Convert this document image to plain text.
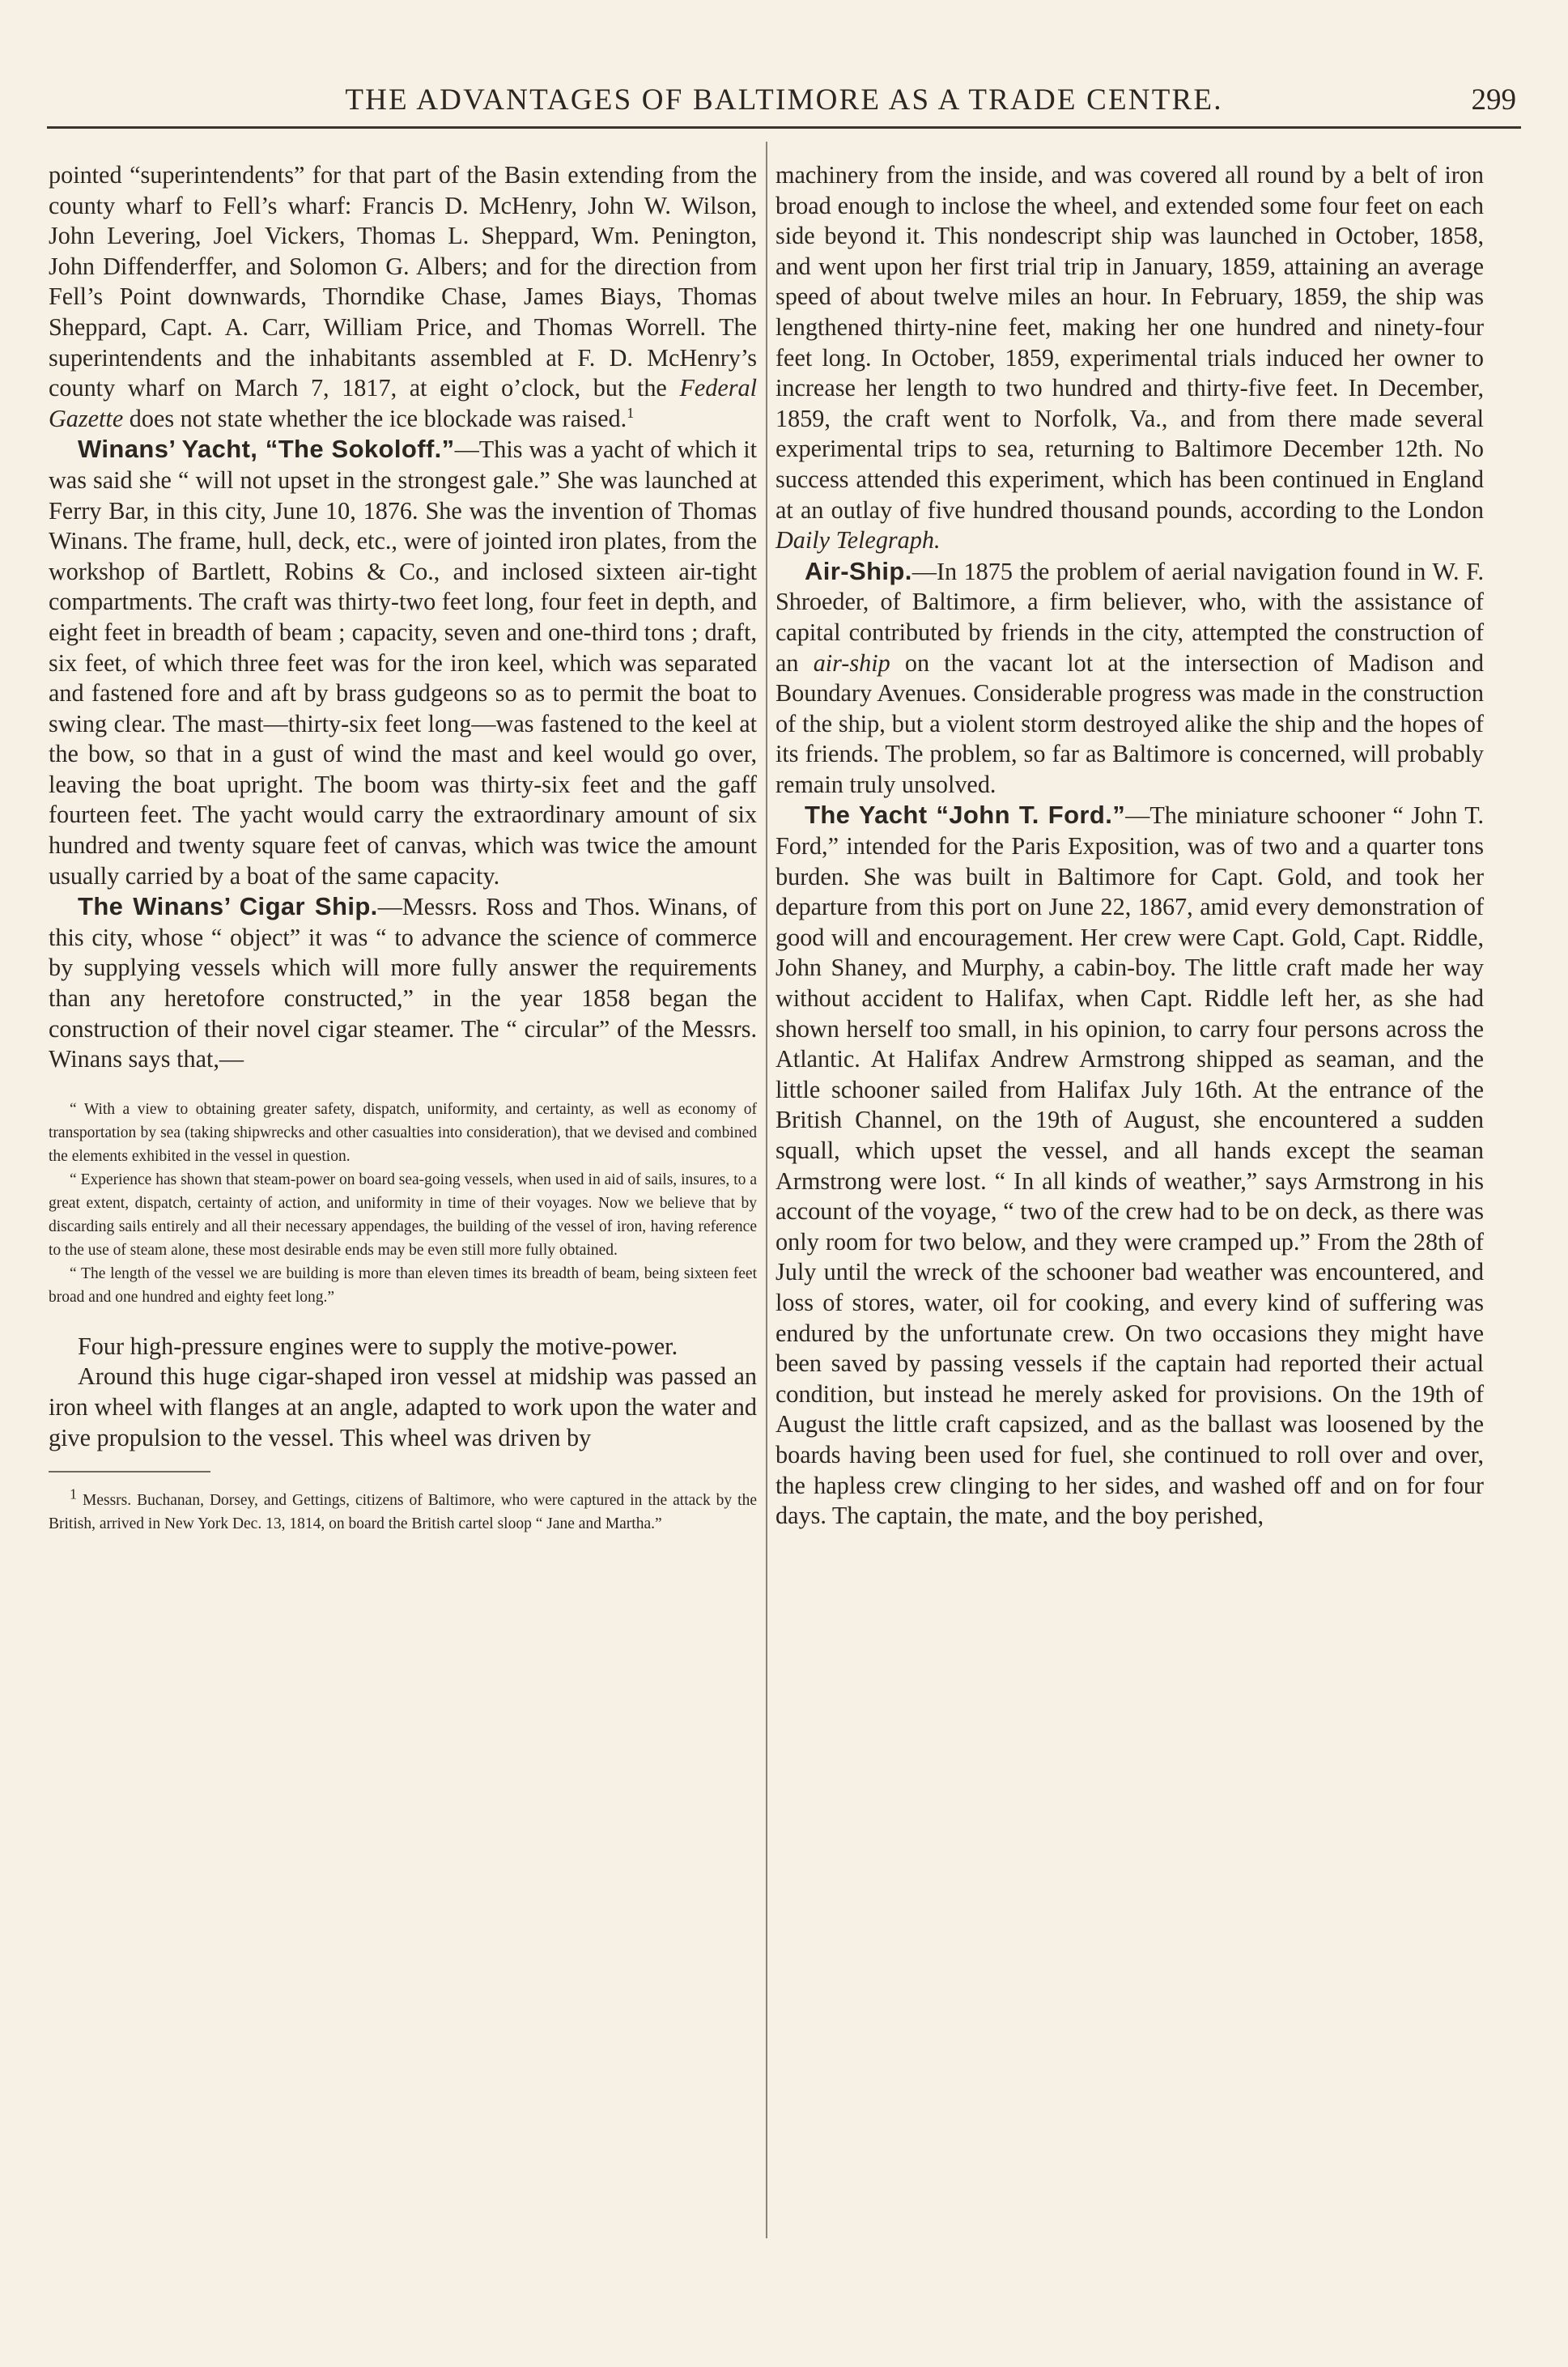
THE ADVANTAGES OF BALTIMORE AS A TRADE CENTRE.	299

pointed “superintendents” for that part of the Basin extending from the county wharf to Fell’s wharf: Francis D. McHenry, John W. Wilson, John Levering, Joel Vickers, Thomas L. Sheppard, Wm. Penington, John Diffenderffer, and Solomon G. Albers; and for the direction from Fell’s Point downwards, Thorndike Chase, James Biays, Thomas Sheppard, Capt. A. Carr, William Price, and Thomas Worrell. The superintendents and the inhabitants assembled at F. D. McHenry’s county wharf on March 7, 1817, at eight o’clock, but the Federal Gazette does not state whether the ice blockade was raised.$^1$

Winans’ Yacht, “The Sokoloff.”—This was a yacht of which it was said she “ will not upset in the strongest gale.” She was launched at Ferry Bar, in this city, June 10, 1876. She was the invention of Thomas Winans. The frame, hull, deck, etc., were of jointed iron plates, from the workshop of Bartlett, Robins & Co., and inclosed sixteen air-tight compartments. The craft was thirty-two feet long, four feet in depth, and eight feet in breadth of beam ; capacity, seven and one-third tons ; draft, six feet, of which three feet was for the iron keel, which was separated and fastened fore and aft by brass gudgeons so as to permit the boat to swing clear. The mast—thirty-six feet long—was fastened to the keel at the bow, so that in a gust of wind the mast and keel would go over, leaving the boat upright. The boom was thirty-six feet and the gaff fourteen feet. The yacht would carry the extraordinary amount of six hundred and twenty square feet of canvas, which was twice the amount usually carried by a boat of the same capacity.

The Winans’ Cigar Ship.—Messrs. Ross and Thos. Winans, of this city, whose “ object” it was “ to advance the science of commerce by supplying vessels which will more fully answer the requirements than any heretofore constructed,” in the year 1858 began the construction of their novel cigar steamer. The “ circular” of the Messrs. Winans says that,—

“ With a view to obtaining greater safety, dispatch, uniformity, and certainty, as well as economy of transportation by sea (taking shipwrecks and other casualties into consideration), that we devised and combined the elements exhibited in the vessel in question.

“ Experience has shown that steam-power on board sea-going vessels, when used in aid of sails, insures, to a great extent, dispatch, certainty of action, and uniformity in time of their voyages. Now we believe that by discarding sails entirely and all their necessary appendages, the building of the vessel of iron, having reference to the use of steam alone, these most desirable ends may be even still more fully obtained.

“ The length of the vessel we are building is more than eleven times its breadth of beam, being sixteen feet broad and one hundred and eighty feet long.”

Four high-pressure engines were to supply the motive-power.

Around this huge cigar-shaped iron vessel at midship was passed an iron wheel with flanges at an angle, adapted to work upon the water and give propulsion to the vessel. This wheel was driven by

$^1$ Messrs. Buchanan, Dorsey, and Gettings, citizens of Baltimore, who were captured in the attack by the British, arrived in New York Dec. 13, 1814, on board the British cartel sloop “ Jane and Martha.”

machinery from the inside, and was covered all round by a belt of iron broad enough to inclose the wheel, and extended some four feet on each side beyond it. This nondescript ship was launched in October, 1858, and went upon her first trial trip in January, 1859, attaining an average speed of about twelve miles an hour. In February, 1859, the ship was lengthened thirty-nine feet, making her one hundred and ninety-four feet long. In October, 1859, experimental trials induced her owner to increase her length to two hundred and thirty-five feet. In December, 1859, the craft went to Norfolk, Va., and from there made several experimental trips to sea, returning to Baltimore December 12th. No success attended this experiment, which has been continued in England at an outlay of five hundred thousand pounds, according to the London Daily Telegraph.

Air-Ship.—In 1875 the problem of aerial navigation found in W. F. Shroeder, of Baltimore, a firm believer, who, with the assistance of capital contributed by friends in the city, attempted the construction of an air-ship on the vacant lot at the intersection of Madison and Boundary Avenues. Considerable progress was made in the construction of the ship, but a violent storm destroyed alike the ship and the hopes of its friends. The problem, so far as Baltimore is concerned, will probably remain truly unsolved.

The Yacht “John T. Ford.”—The miniature schooner “ John T. Ford,” intended for the Paris Exposition, was of two and a quarter tons burden. She was built in Baltimore for Capt. Gold, and took her departure from this port on June 22, 1867, amid every demonstration of good will and encouragement. Her crew were Capt. Gold, Capt. Riddle, John Shaney, and Murphy, a cabin-boy. The little craft made her way without accident to Halifax, when Capt. Riddle left her, as she had shown herself too small, in his opinion, to carry four persons across the Atlantic. At Halifax Andrew Armstrong shipped as seaman, and the little schooner sailed from Halifax July 16th. At the entrance of the British Channel, on the 19th of August, she encountered a sudden squall, which upset the vessel, and all hands except the seaman Armstrong were lost. “ In all kinds of weather,” says Armstrong in his account of the voyage, “ two of the crew had to be on deck, as there was only room for two below, and they were cramped up.” From the 28th of July until the wreck of the schooner bad weather was encountered, and loss of stores, water, oil for cooking, and every kind of suffering was endured by the unfortunate crew. On two occasions they might have been saved by passing vessels if the captain had reported their actual condition, but instead he merely asked for provisions. On the 19th of August the little craft capsized, and as the ballast was loosened by the boards having been used for fuel, she continued to roll over and over, the hapless crew clinging to her sides, and washed off and on for four days. The captain, the mate, and the boy perished,
